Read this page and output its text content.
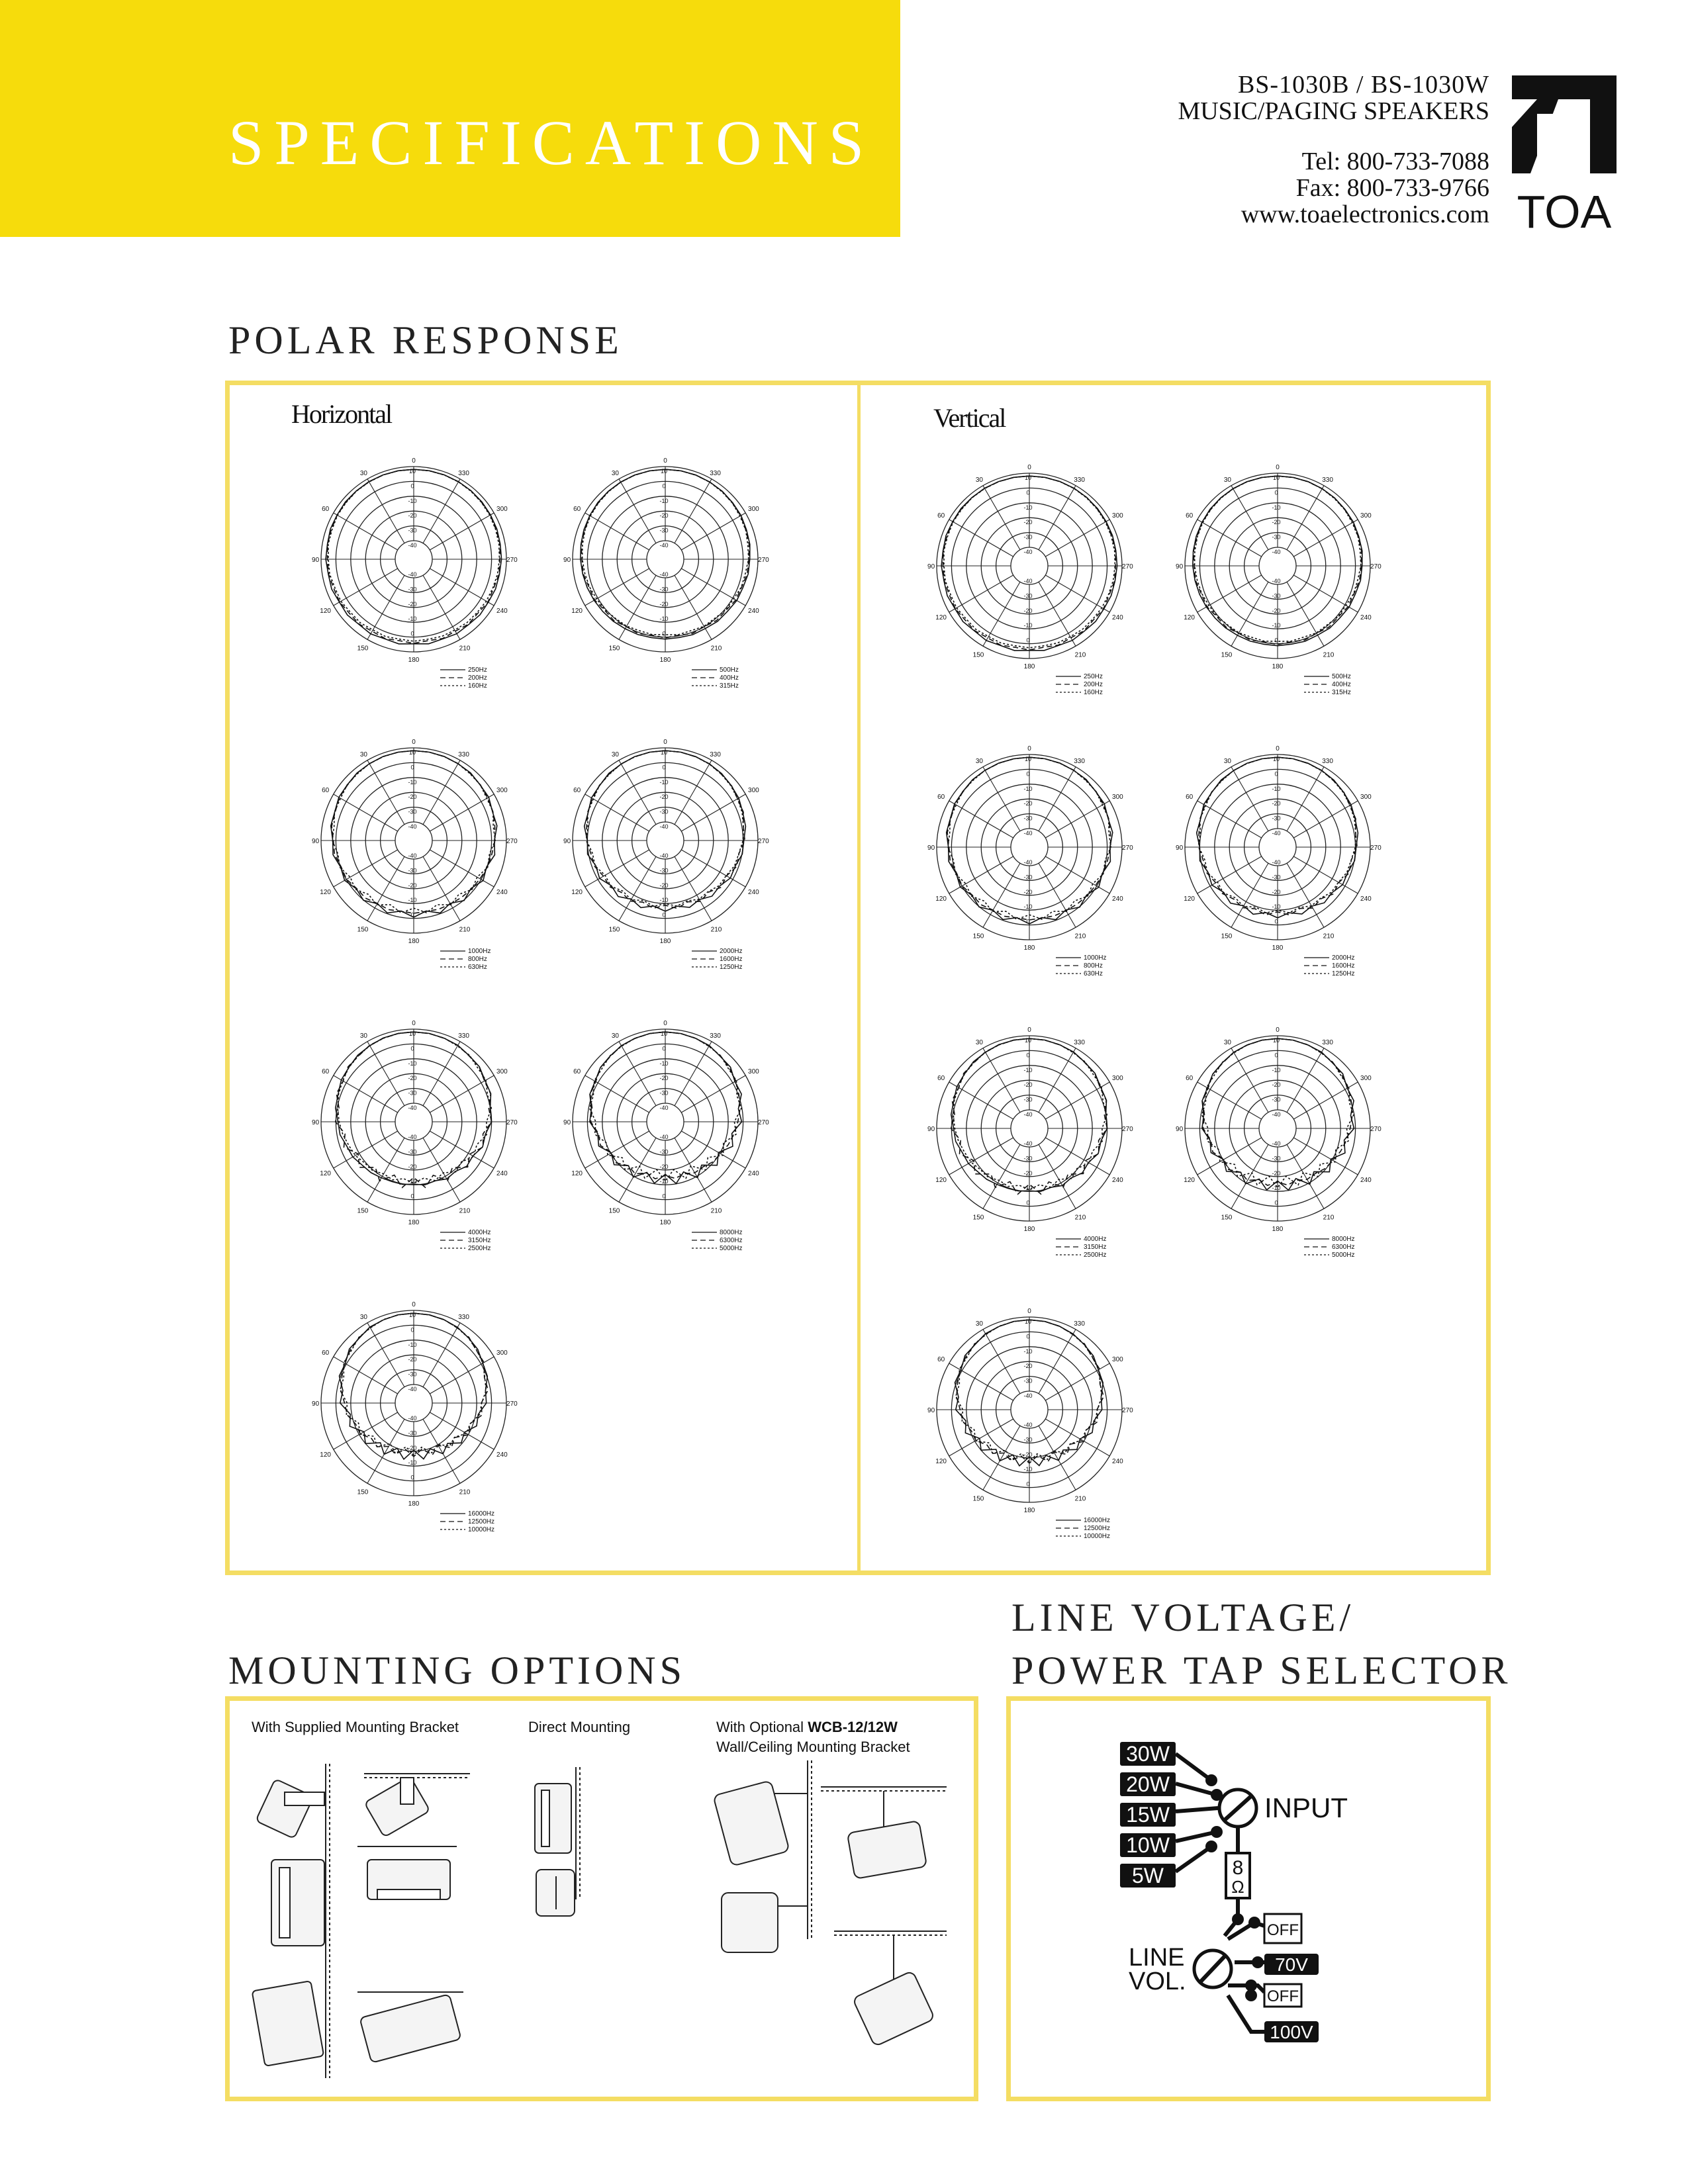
SPECIFICATIONS
BS-1030B / BS-1030W
MUSIC/PAGING SPEAKERS
Tel: 800-733-7088
Fax: 800-733-9766
www.toaelectronics.com TOA
POLAR RESPONSE
Horizontal	Vertical
0
30	330
60	300
90	270
120	240
150	210
180
10
0
0
-10
-10
-20
-20
-30
-30
-40
-40
250Hz
200Hz
160Hz
0
30	330
60	300
90	270
120	240
150	210
180
10
0
0
-10
-10
-20
-20
-30
-30
-40
-40
500Hz
400Hz
315Hz
0
30	330
60	300
90	270
120	240
150	210
180
10
0
0
-10
-10
-20
-20
-30
-30
-40
-40
1000Hz
800Hz
630Hz
0
30	330
60	300
90	270
120	240
150	210
180
10
0
0
-10
-10
-20
-20
-30
-30
-40
-40
2000Hz
1600Hz
1250Hz
0
30	330
60	300
90	270
120	240
150	210
180
10
0
0
-10
-10
-20
-20
-30
-30
-40
-40
4000Hz
3150Hz
2500Hz
0
30	330
60	300
90	270
120	240
150	210
180
10
0
0
-10
-10
-20
-20
-30
-30
-40
-40
8000Hz
6300Hz
5000Hz
0
30	330
60	300
90	270
120	240
150	210
180
10
0
0
-10
-10
-20
-20
-30
-30
-40
-40
16000Hz
12500Hz
10000Hz
0
30	330
60	300
90	270
120	240
150	210
180
10
0
0
-10
-10
-20
-20
-30
-30
-40
-40
250Hz
200Hz
160Hz
0
30	330
60	300
90	270
120	240
150	210
180
10
0
0
-10
-10
-20
-20
-30
-30
-40
-40
500Hz
400Hz
315Hz
0
30	330
60	300
90	270
120	240
150	210
180
10
0
0
-10
-10
-20
-20
-30
-30
-40
-40
1000Hz
800Hz
630Hz
0
30	330
60	300
90	270
120	240
150	210
180
10
0
0
-10
-10
-20
-20
-30
-30
-40
-40
2000Hz
1600Hz
1250Hz
0
30	330
60	300
90	270
120	240
150	210
180
10
0
0
-10
-10
-20
-20
-30
-30
-40
-40
4000Hz
3150Hz
2500Hz
0
30	330
60	300
90	270
120	240
150	210
180
10
0
0
-10
-10
-20
-20
-30
-30
-40
-40
8000Hz
6300Hz
5000Hz
0
30	330
60	300
90	270
120	240
150	210
180
10
0
0
-10
-10
-20
-20
-30
-30
-40
-40
16000Hz
12500Hz
10000Hz
MOUNTING OPTIONS
With Supplied Mounting Bracket	Direct Mounting	With Optional WCB-12/12W
Wall/Ceiling Mounting Bracket
LINE VOLTAGE/
POWER TAP SELECTOR
30W
20W
15W
10W
5W
INPUT
8
Ω
LINE
VOL.
OFF
70V
OFF
100V
